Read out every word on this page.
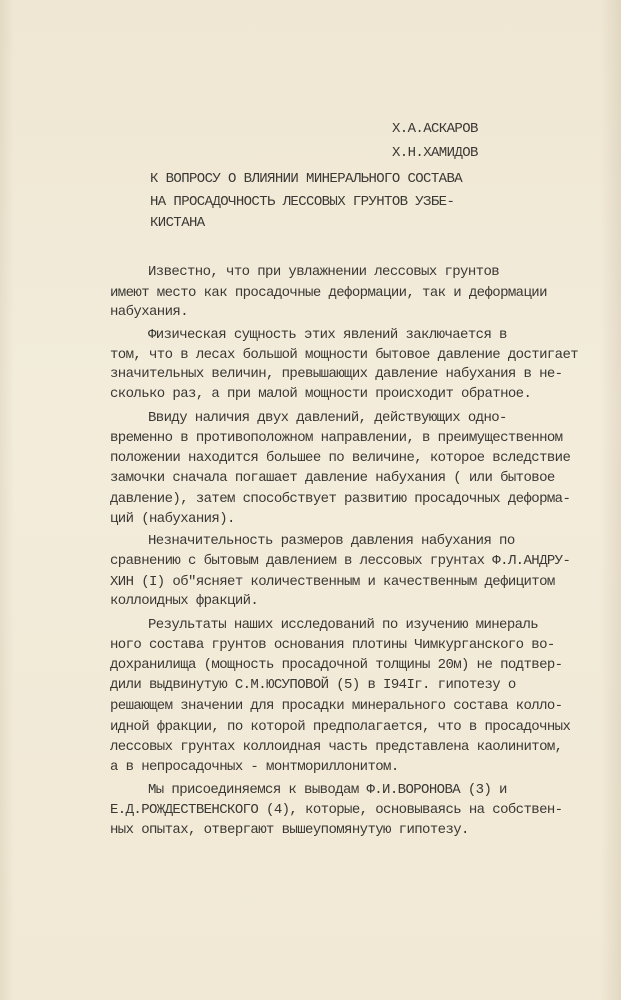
Х.А.АСКАРОВ
Х.Н.ХАМИДОВ
К ВОПРОСУ О ВЛИЯНИИ МИНЕРАЛЬНОГО СОСТАВА
НА ПРОСАДОЧНОСТЬ ЛЕССОВЫХ ГРУНТОВ УЗБЕ-
КИСТАНА
Известно, что при увлажнении лессовых грунтов
имеют место как просадочные деформации, так и деформации
набухания.
Физическая сущность этих явлений заключается в
том, что в лесах большой мощности бытовое давление достигает
значительных величин, превышающих давление набухания в не-
сколько раз, а при малой мощности происходит обратное.
Ввиду наличия двух давлений, действующих одно-
временно в противоположном направлении, в преимущественном
положении находится большее по величине, которое вследствие
замочки сначала погашает давление набухания ( или бытовое
давление), затем способствует развитию просадочных деформа-
ций (набухания).
Незначительность размеров давления набухания по
сравнению с бытовым давлением в лессовых грунтах Ф.Л.АНДРУ-
ХИН (I) об"ясняет количественным и качественным дефицитом
коллоидных фракций.
Результаты наших исследований по изучению минераль
ного состава грунтов основания плотины Чимкурганского во-
дохранилища (мощность просадочной толщины 20м) не подтвер-
дили выдвинутую С.М.ЮСУПОВОЙ (5) в I94Iг. гипотезу о
решающем значении для просадки минерального состава колло-
идной фракции, по которой предполагается, что в просадочных
лессовых грунтах коллоидная часть представлена каолинитом,
а в непросадочных - монтмориллонитом.
Мы присоединяемся к выводам Ф.И.ВОРОНОВА (3) и
Е.Д.РОЖДЕСТВЕНСКОГО (4), которые, основываясь на собствен-
ных опытах, отвергают вышеупомянутую гипотезу.
